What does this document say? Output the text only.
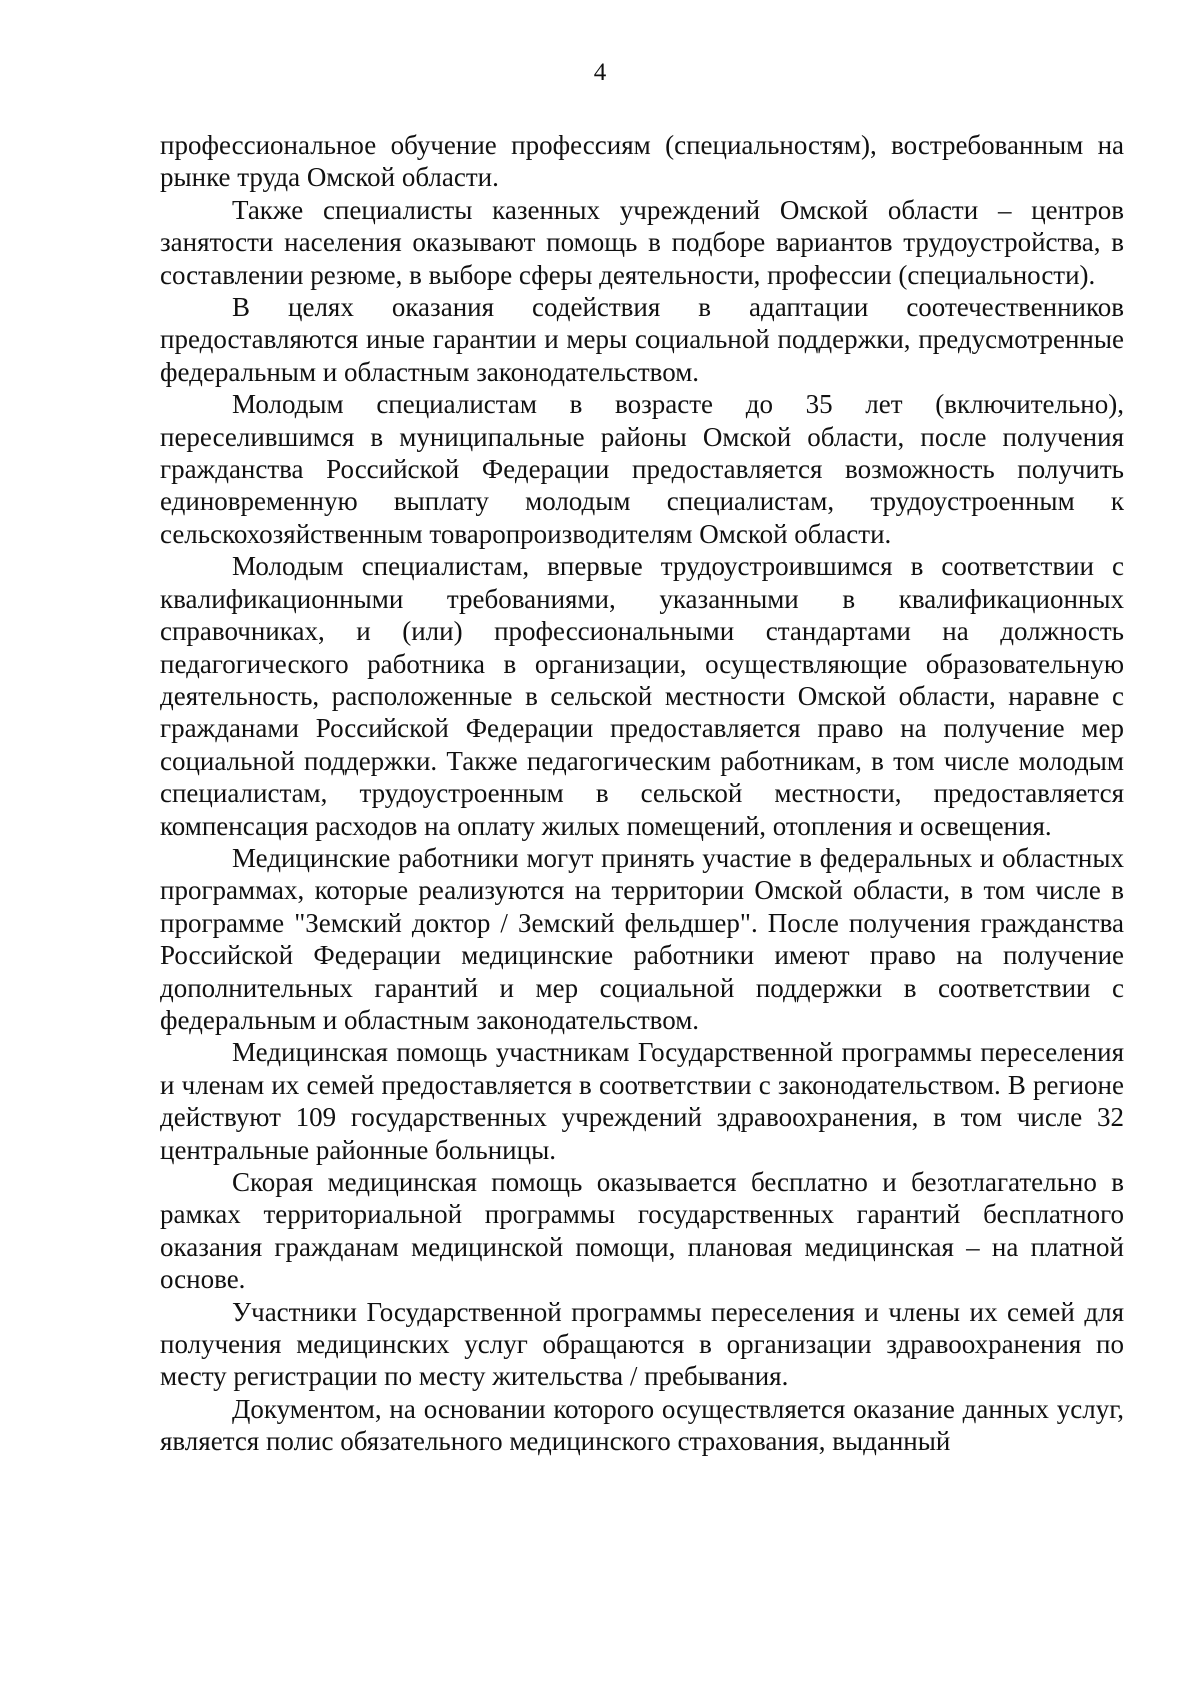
4

профессиональное обучение профессиям (специальностям), востребованным на рынке труда Омской области.

Также специалисты казенных учреждений Омской области – центров занятости населения оказывают помощь в подборе вариантов трудоустройства, в составлении резюме, в выборе сферы деятельности, профессии (специальности).

В целях оказания содействия в адаптации соотечественников предоставляются иные гарантии и меры социальной поддержки, предусмотренные федеральным и областным законодательством.

Молодым специалистам в возрасте до 35 лет (включительно), переселившимся в муниципальные районы Омской области, после получения гражданства Российской Федерации предоставляется возможность получить единовременную выплату молодым специалистам, трудоустроенным к сельскохозяйственным товаропроизводителям Омской области.

Молодым специалистам, впервые трудоустроившимся в соответствии с квалификационными требованиями, указанными в квалификационных справочниках, и (или) профессиональными стандартами на должность педагогического работника в организации, осуществляющие образовательную деятельность, расположенные в сельской местности Омской области, наравне с гражданами Российской Федерации предоставляется право на получение мер социальной поддержки. Также педагогическим работникам, в том числе молодым специалистам, трудоустроенным в сельской местности, предоставляется компенсация расходов на оплату жилых помещений, отопления и освещения.

Медицинские работники могут принять участие в федеральных и областных программах, которые реализуются на территории Омской области, в том числе в программе "Земский доктор / Земский фельдшер". После получения гражданства Российской Федерации медицинские работники имеют право на получение дополнительных гарантий и мер социальной поддержки в соответствии с федеральным и областным законодательством.

Медицинская помощь участникам Государственной программы переселения и членам их семей предоставляется в соответствии с законодательством. В регионе действуют 109 государственных учреждений здравоохранения, в том числе 32 центральные районные больницы.

Скорая медицинская помощь оказывается бесплатно и безотлагательно в рамках территориальной программы государственных гарантий бесплатного оказания гражданам медицинской помощи, плановая медицинская – на платной основе.

Участники Государственной программы переселения и члены их семей для получения медицинских услуг обращаются в организации здравоохранения по месту регистрации по месту жительства / пребывания.

Документом, на основании которого осуществляется оказание данных услуг, является полис обязательного медицинского страхования, выданный
